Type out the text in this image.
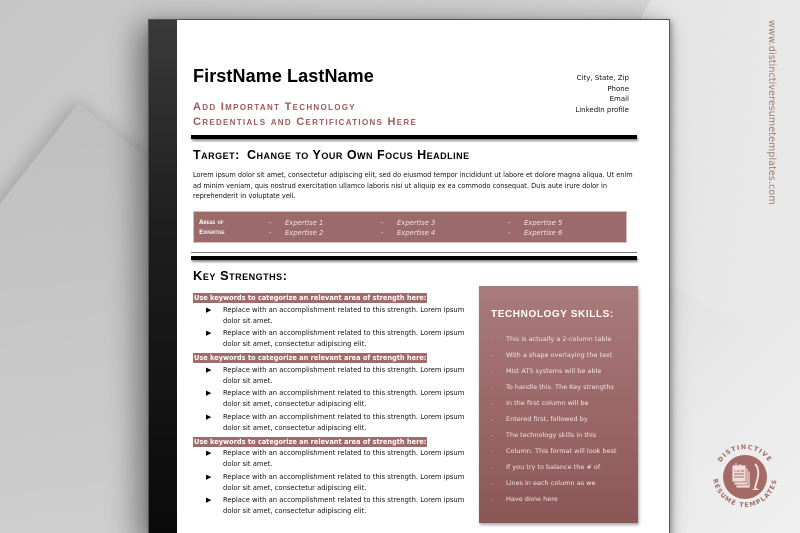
FirstName LastName
Add Important Technology
Credentials and Certifications Here
City, State, Zip
Phone
Email
LinkedIn profile
Target: Change to Your Own Focus Headline
Lorem ipsum dolor sit amet, consectetur adipiscing elit, sed do eiusmod tempor incididunt ut labore et dolore magna aliqua. Ut enim ad minim veniam, quis nostrud exercitation ullamco laboris nisi ut aliquip ex ea commodo consequat. Duis aute irure dolor in reprehenderit in voluptate veli.
Areas of
Expertise
- Expertise 1
- Expertise 2
- Expertise 3
- Expertise 4
- Expertise 5
- Expertise 6
Key Strengths:
Use keywords to categorize an relevant area of strength here:
▶ Replace with an accomplishment related to this strength. Lorem ipsum dolor sit amet.
▶ Replace with an accomplishment related to this strength. Lorem ipsum dolor sit amet, consectetur adipiscing elit.
Use keywords to categorize an relevant area of strength here:
▶ Replace with an accomplishment related to this strength. Lorem ipsum dolor sit amet.
▶ Replace with an accomplishment related to this strength. Lorem ipsum dolor sit amet, consectetur adipiscing elit.
▶ Replace with an accomplishment related to this strength. Lorem ipsum dolor sit amet, consectetur adipiscing elit.
Use keywords to categorize an relevant area of strength here:
▶ Replace with an accomplishment related to this strength. Lorem ipsum dolor sit amet.
▶ Replace with an accomplishment related to this strength. Lorem ipsum dolor sit amet, consectetur adipiscing elit.
▶ Replace with an accomplishment related to this strength. Lorem ipsum dolor sit amet, consectetur adipiscing elit.
TECHNOLOGY SKILLS:
- This is actually a 2-column table
- With a shape overlaying the text
- Mist ATS systems will be able
- To handle this. The Key strengths
- In the first column will be
- Entered first, followed by
- The technology skills in this
- Column. This format will look best
- If you try to balance the # of
- Lines in each column as we
- Have done here
www.distinctiveresumetemplates.com
DISTINCTIVE
RÉSUMÉ TEMPLATES
